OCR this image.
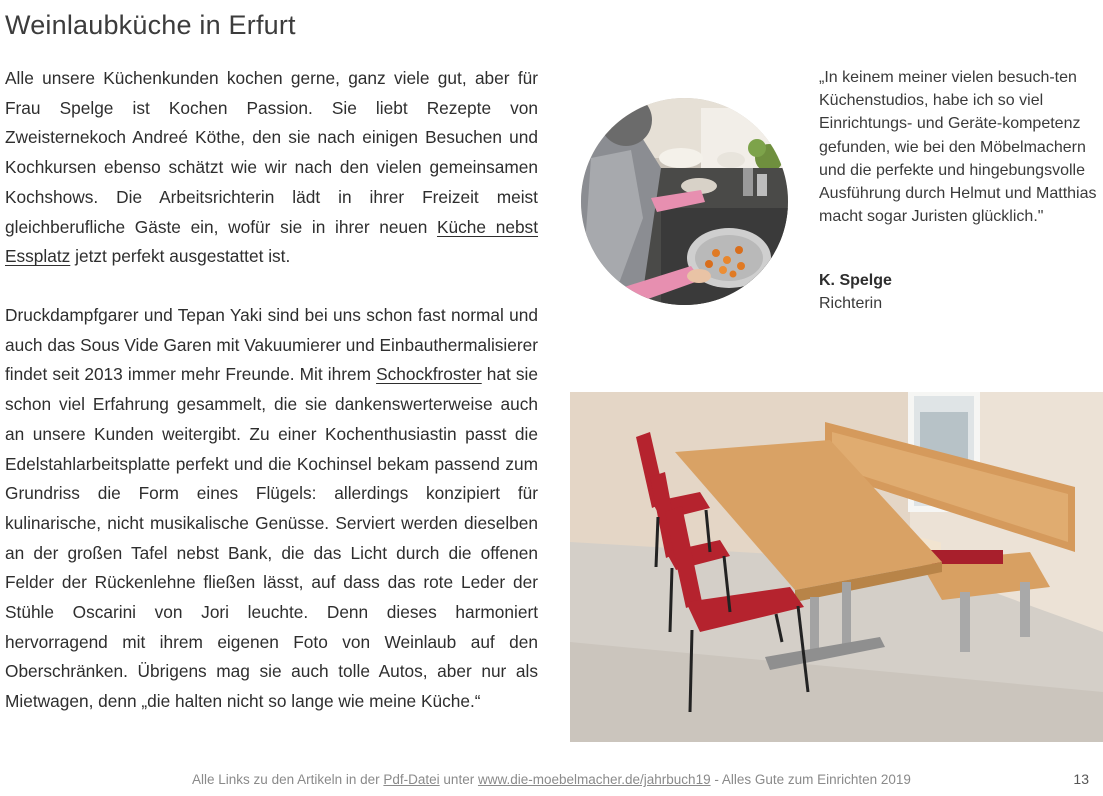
Weinlaubküche in Erfurt
Alle unsere Küchenkunden kochen gerne, ganz viele gut, aber für Frau Spelge ist Kochen Passion. Sie liebt Rezepte von Zweisternekoch Andreé Köthe, den sie nach einigen Besuchen und Kochkursen ebenso schätzt wie wir nach den vielen gemeinsamen Kochshows. Die Arbeitsrichterin lädt in ihrer Freizeit meist gleichberufliche Gäste ein, wofür sie in ihrer neuen Küche nebst Essplatz jetzt perfekt ausgestattet ist.
Druckdampfgarer und Tepan Yaki sind bei uns schon fast normal und auch das Sous Vide Garen mit Vakuumierer und Einbauthermalisierer findet seit 2013 immer mehr Freunde. Mit ihrem Schockfroster hat sie schon viel Erfahrung gesammelt, die sie dankenswerterweise auch an unsere Kunden weitergibt. Zu einer Kochenthusiastin passt die Edelstahlarbeitsplatte perfekt und die Kochinsel bekam passend zum Grundriss die Form eines Flügels: allerdings konzipiert für kulinarische, nicht musikalische Genüsse. Serviert werden dieselben an der großen Tafel nebst Bank, die das Licht durch die offenen Felder der Rückenlehne fließen lässt, auf dass das rote Leder der Stühle Oscarini von Jori leuchte. Denn dieses harmoniert hervorragend mit ihrem eigenen Foto von Weinlaub auf den Oberschränken. Übrigens mag sie auch tolle Autos, aber nur als Mietwagen, denn „die halten nicht so lange wie meine Küche.“
„In keinem meiner vielen besuch-ten Küchenstudios, habe ich so viel Einrichtungs- und Geräte-kompetenz gefunden, wie bei den Möbelmachern und die perfekte und hingebungsvolle Ausführung durch Helmut und Matthias macht sogar Juristen glücklich."
K. Spelge
Richterin
Alle Links zu den Artikeln in der Pdf-Datei unter www.die-moebelmacher.de/jahrbuch19 - Alles Gute zum Einrichten 2019	13
